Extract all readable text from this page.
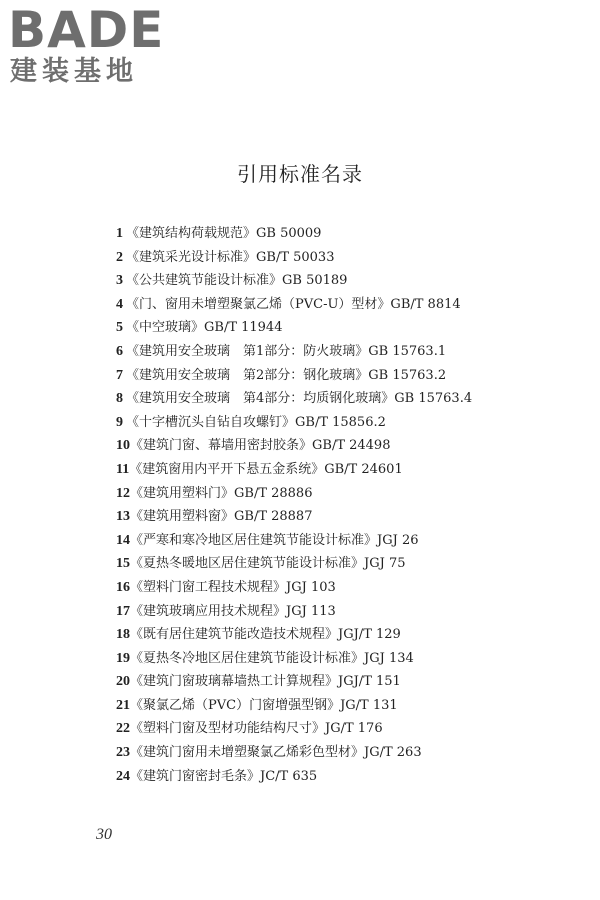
BADE
建装基地
引用标准名录
1 《建筑结构荷载规范》GB 50009
2 《建筑采光设计标准》GB/T 50033
3 《公共建筑节能设计标准》GB 50189
4 《门、窗用未增塑聚氯乙烯（PVC-U）型材》GB/T 8814
5 《中空玻璃》GB/T 11944
6 《建筑用安全玻璃　第1部分：防火玻璃》GB 15763.1
7 《建筑用安全玻璃　第2部分：钢化玻璃》GB 15763.2
8 《建筑用安全玻璃　第4部分：均质钢化玻璃》GB 15763.4
9 《十字槽沉头自钻自攻螺钉》GB/T 15856.2
10《建筑门窗、幕墙用密封胶条》GB/T 24498
11《建筑窗用内平开下悬五金系统》GB/T 24601
12《建筑用塑料门》GB/T 28886
13《建筑用塑料窗》GB/T 28887
14《严寒和寒冷地区居住建筑节能设计标准》JGJ 26
15《夏热冬暖地区居住建筑节能设计标准》JGJ 75
16《塑料门窗工程技术规程》JGJ 103
17《建筑玻璃应用技术规程》JGJ 113
18《既有居住建筑节能改造技术规程》JGJ/T 129
19《夏热冬冷地区居住建筑节能设计标准》JGJ 134
20《建筑门窗玻璃幕墙热工计算规程》JGJ/T 151
21《聚氯乙烯（PVC）门窗增强型钢》JG/T 131
22《塑料门窗及型材功能结构尺寸》JG/T 176
23《建筑门窗用未增塑聚氯乙烯彩色型材》JG/T 263
24《建筑门窗密封毛条》JC/T 635
30
